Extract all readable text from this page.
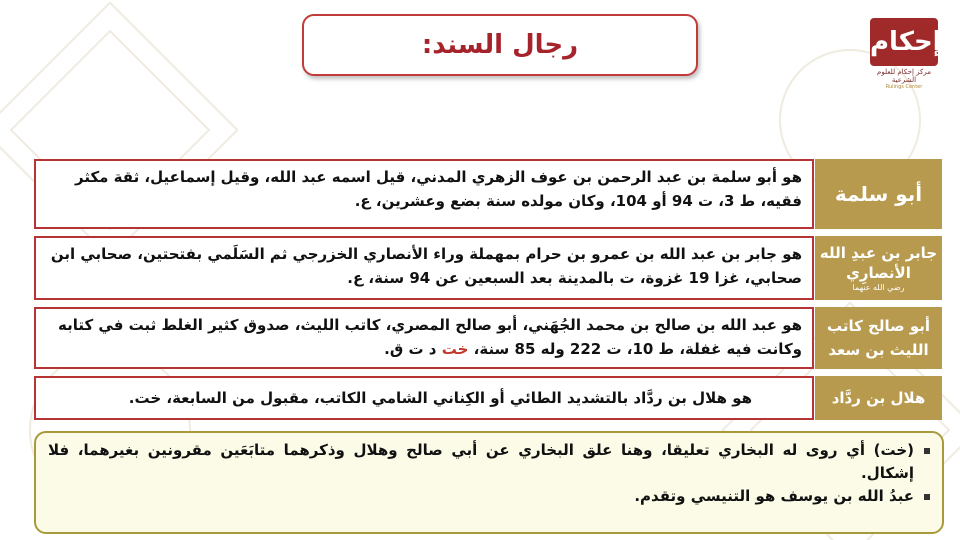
إحكام
مركز إحكام للعلوم الشرعية
Rulings Center
رجال السند:
هو أبو سلمة بن عبد الرحمن بن عوف الزهري المدني، قيل اسمه عبد الله، وقيل إسماعيل، ثقة مكثر فقيه، ط 3، ت 94 أو 104، وكان مولده سنة بضع وعشرين، ع.	أبو سلمة
هو جابر بن عبد الله بن عمرو بن حرام بمهملة وراء الأنصاري الخزرجي ثم السَلَمي بفتحتين، صحابي ابن صحابي، غزا 19 غزوة، ت بالمدينة بعد السبعين عن 94 سنة، ع.
جابر بن عبدِ الله الأنصارِي
رضي الله عنهما
هو عبد الله بن صالح بن محمد الجُهَني، أبو صالح المصري، كاتب الليث، صدوق كثير الغلط ثبت في كتابه وكانت فيه غفلة، ط 10، ت 222 وله 85 سنة، خت د ت ق.
أبو صالح كاتب الليث بن سعد
هو هلال بن ردَّاد بالتشديد الطائي أو الكِناني الشامي الكاتب، مقبول من السابعة، خت.	هلال بن ردَّاد
(خت) أي روى له البخاري تعليقا، وهنا علق البخاري عن أبي صالح وهلال وذكرهما متابَعَين مقرونين بغيرهما، فلا إشكال.
عبدُ الله بن يوسف هو التنيسي وتقدم.
